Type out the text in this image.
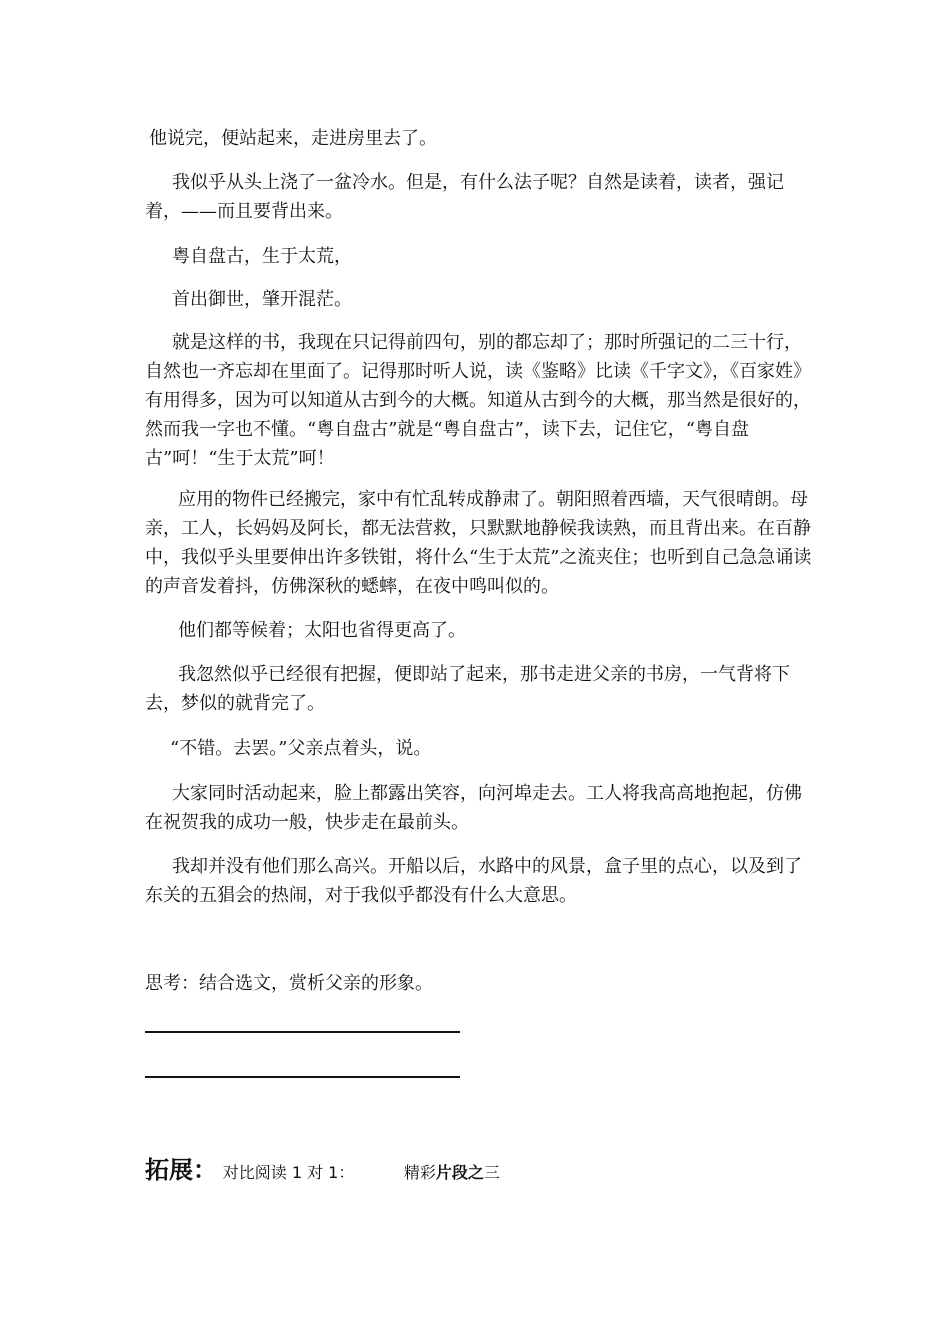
他说完，便站起来，走进房里去了。

我似乎从头上浇了一盆冷水。但是，有什么法子呢？自然是读着，读者，强记着，——而且要背出来。

粤自盘古，生于太荒，

首出御世，肇开混茫。

就是这样的书，我现在只记得前四句，别的都忘却了；那时所强记的二三十行，自然也一齐忘却在里面了。记得那时听人说，读《鉴略》比读《千字文》，《百家姓》有用得多，因为可以知道从古到今的大概。知道从古到今的大概，那当然是很好的，然而我一字也不懂。“粤自盘古”就是“粤自盘古”，读下去，记住它，“粤自盘古”呵！“生于太荒”呵！

应用的物件已经搬完，家中有忙乱转成静肃了。朝阳照着西墙，天气很晴朗。母亲，工人，长妈妈及阿长，都无法营救，只默默地静候我读熟，而且背出来。在百静中，我似乎头里要伸出许多铁钳，将什么“生于太荒”之流夹住；也听到自己急急诵读的声音发着抖，仿佛深秋的蟋蟀，在夜中鸣叫似的。

他们都等候着；太阳也省得更高了。

我忽然似乎已经很有把握，便即站了起来，那书走进父亲的书房，一气背将下去，梦似的就背完了。

“不错。去罢。”父亲点着头，说。

大家同时活动起来，脸上都露出笑容，向河埠走去。工人将我高高地抱起，仿佛在祝贺我的成功一般，快步走在最前头。

我却并没有他们那么高兴。开船以后，水路中的风景，盒子里的点心，以及到了东关的五猖会的热闹，对于我似乎都没有什么大意思。

思考：结合选文，赏析父亲的形象。

拓展： 对比阅读 1 对 1：	精彩片段之三
